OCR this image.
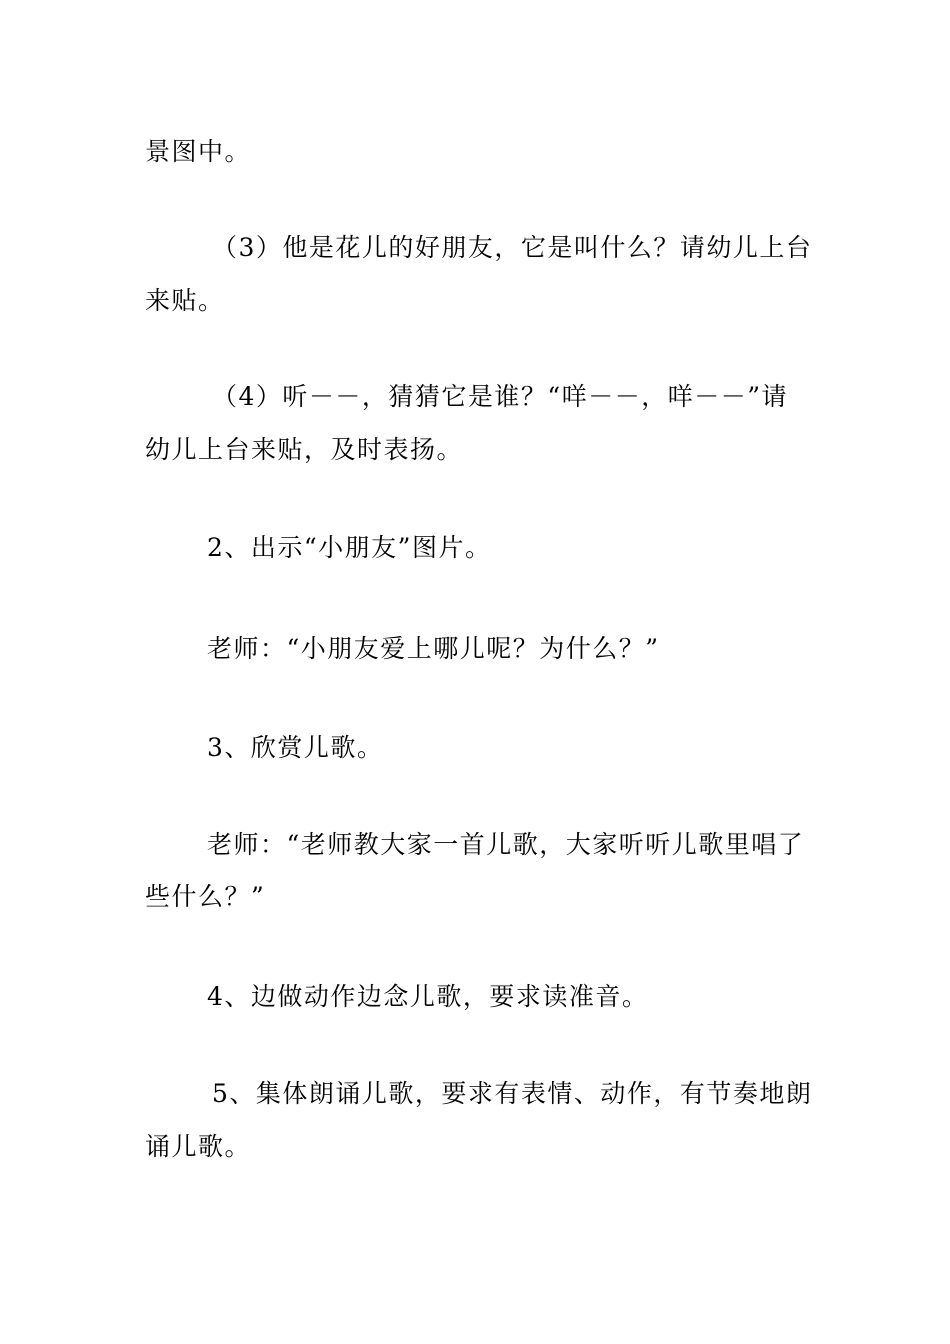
景图中。
（3）他是花儿的好朋友，它是叫什么？请幼儿上台
来贴。
（4）听－－，猜猜它是谁？“咩－－，咩－－”请
幼儿上台来贴，及时表扬。
2、出示“小朋友”图片。
老师：“小朋友爱上哪儿呢？为什么？”
3、欣赏儿歌。
老师：“老师教大家一首儿歌，大家听听儿歌里唱了
些什么？”
4、边做动作边念儿歌，要求读准音。
5、集体朗诵儿歌，要求有表情、动作，有节奏地朗
诵儿歌。
